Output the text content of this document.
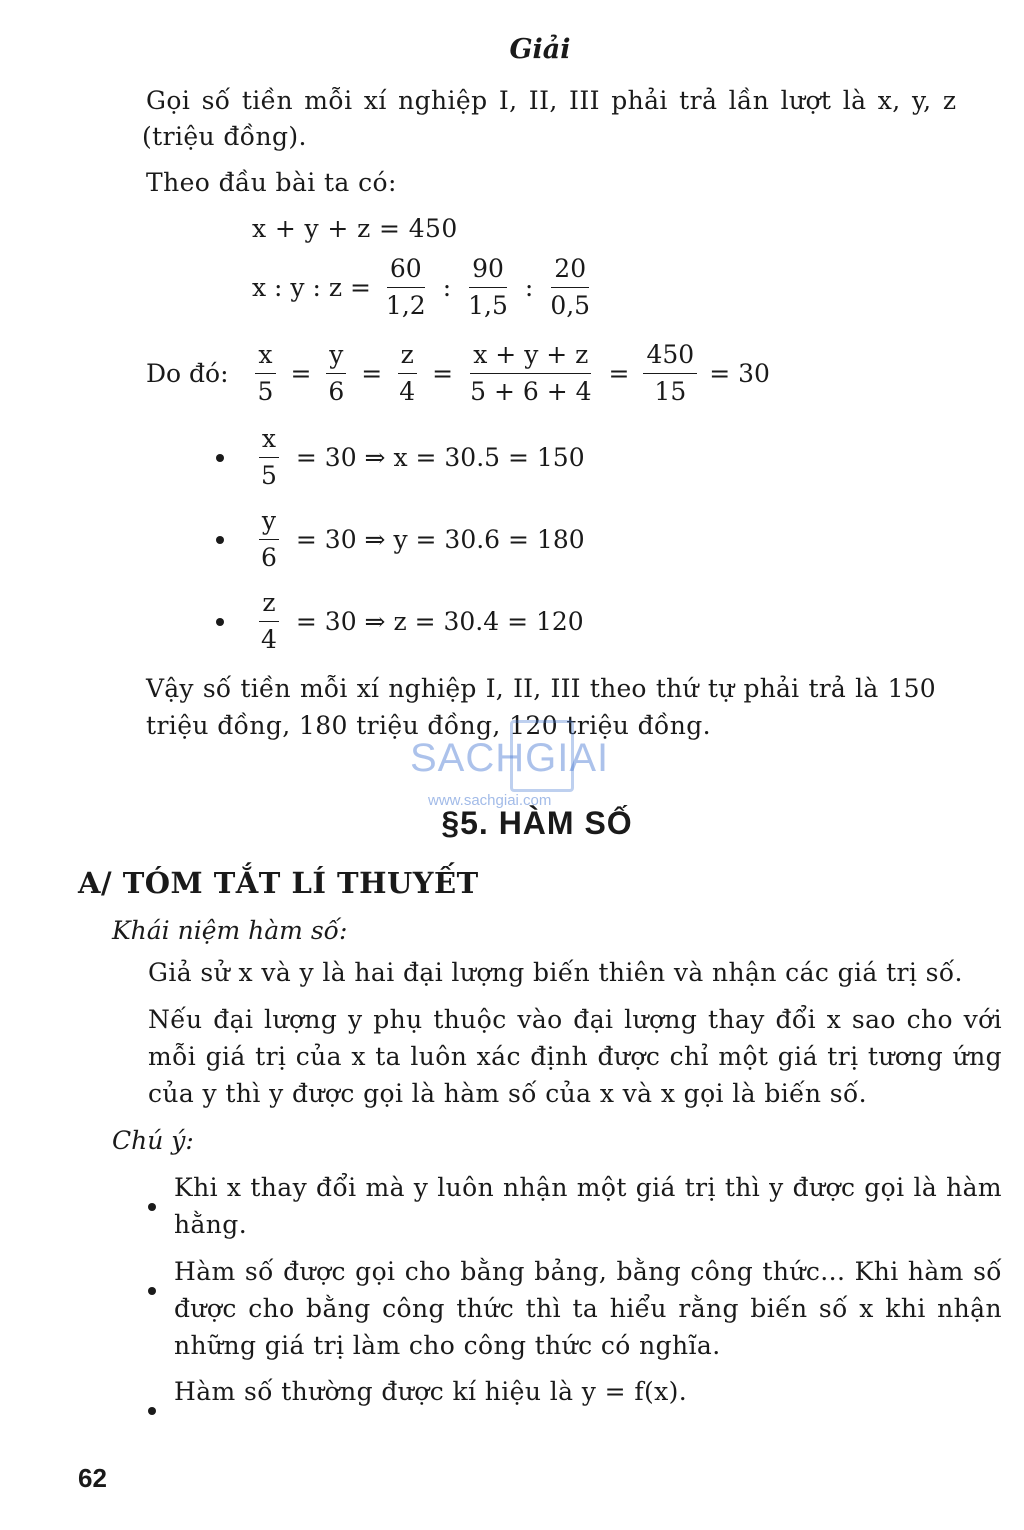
Giải
Gọi số tiền mỗi xí nghiệp I, II, III phải trả lần lượt là x, y, z
(triệu đồng).
Theo đầu bài ta có:
x + y + z = 450
x : y : $z = \frac{60}{1,2}$ : $\frac{90}{1,5}$ : $\frac{20}{0,5}$
Do đó: $\frac{x}{5} = \frac{y}{6} = \frac{z}{4} = \frac{x + y + z}{5 + 6 + 4} = \frac{450}{15} = 30$
$\frac{x}{5} = 30$ ⇒ x = 30.5 = 150
$\frac{y}{6} = 30$ ⇒ y = 30.6 = 180
$\frac{z}{4} = 30$ ⇒ z = 30.4 = 120
Vậy số tiền mỗi xí nghiệp I, II, III theo thứ tự phải trả là 150
triệu đồng, 180 triệu đồng, 120 triệu đồng.
SACHGIAI
www.sachgiai.com
§5. HÀM SỐ
A/ TÓM TẮT LÍ THUYẾT
Khái niệm hàm số:
Giả sử x và y là hai đại lượng biến thiên và nhận các giá trị số.
Nếu đại lượng y phụ thuộc vào đại lượng thay đổi x sao cho với mỗi giá trị của x ta luôn xác định được chỉ một giá trị tương ứng của y thì y được gọi là hàm số của x và x gọi là biến số.
Chú ý:
Khi x thay đổi mà y luôn nhận một giá trị thì y được gọi là hàm hằng.
Hàm số được gọi cho bằng bảng, bằng công thức... Khi hàm số được cho bằng công thức thì ta hiểu rằng biến số x khi nhận những giá trị làm cho công thức có nghĩa.
Hàm số thường được kí hiệu là y = f(x).
62
